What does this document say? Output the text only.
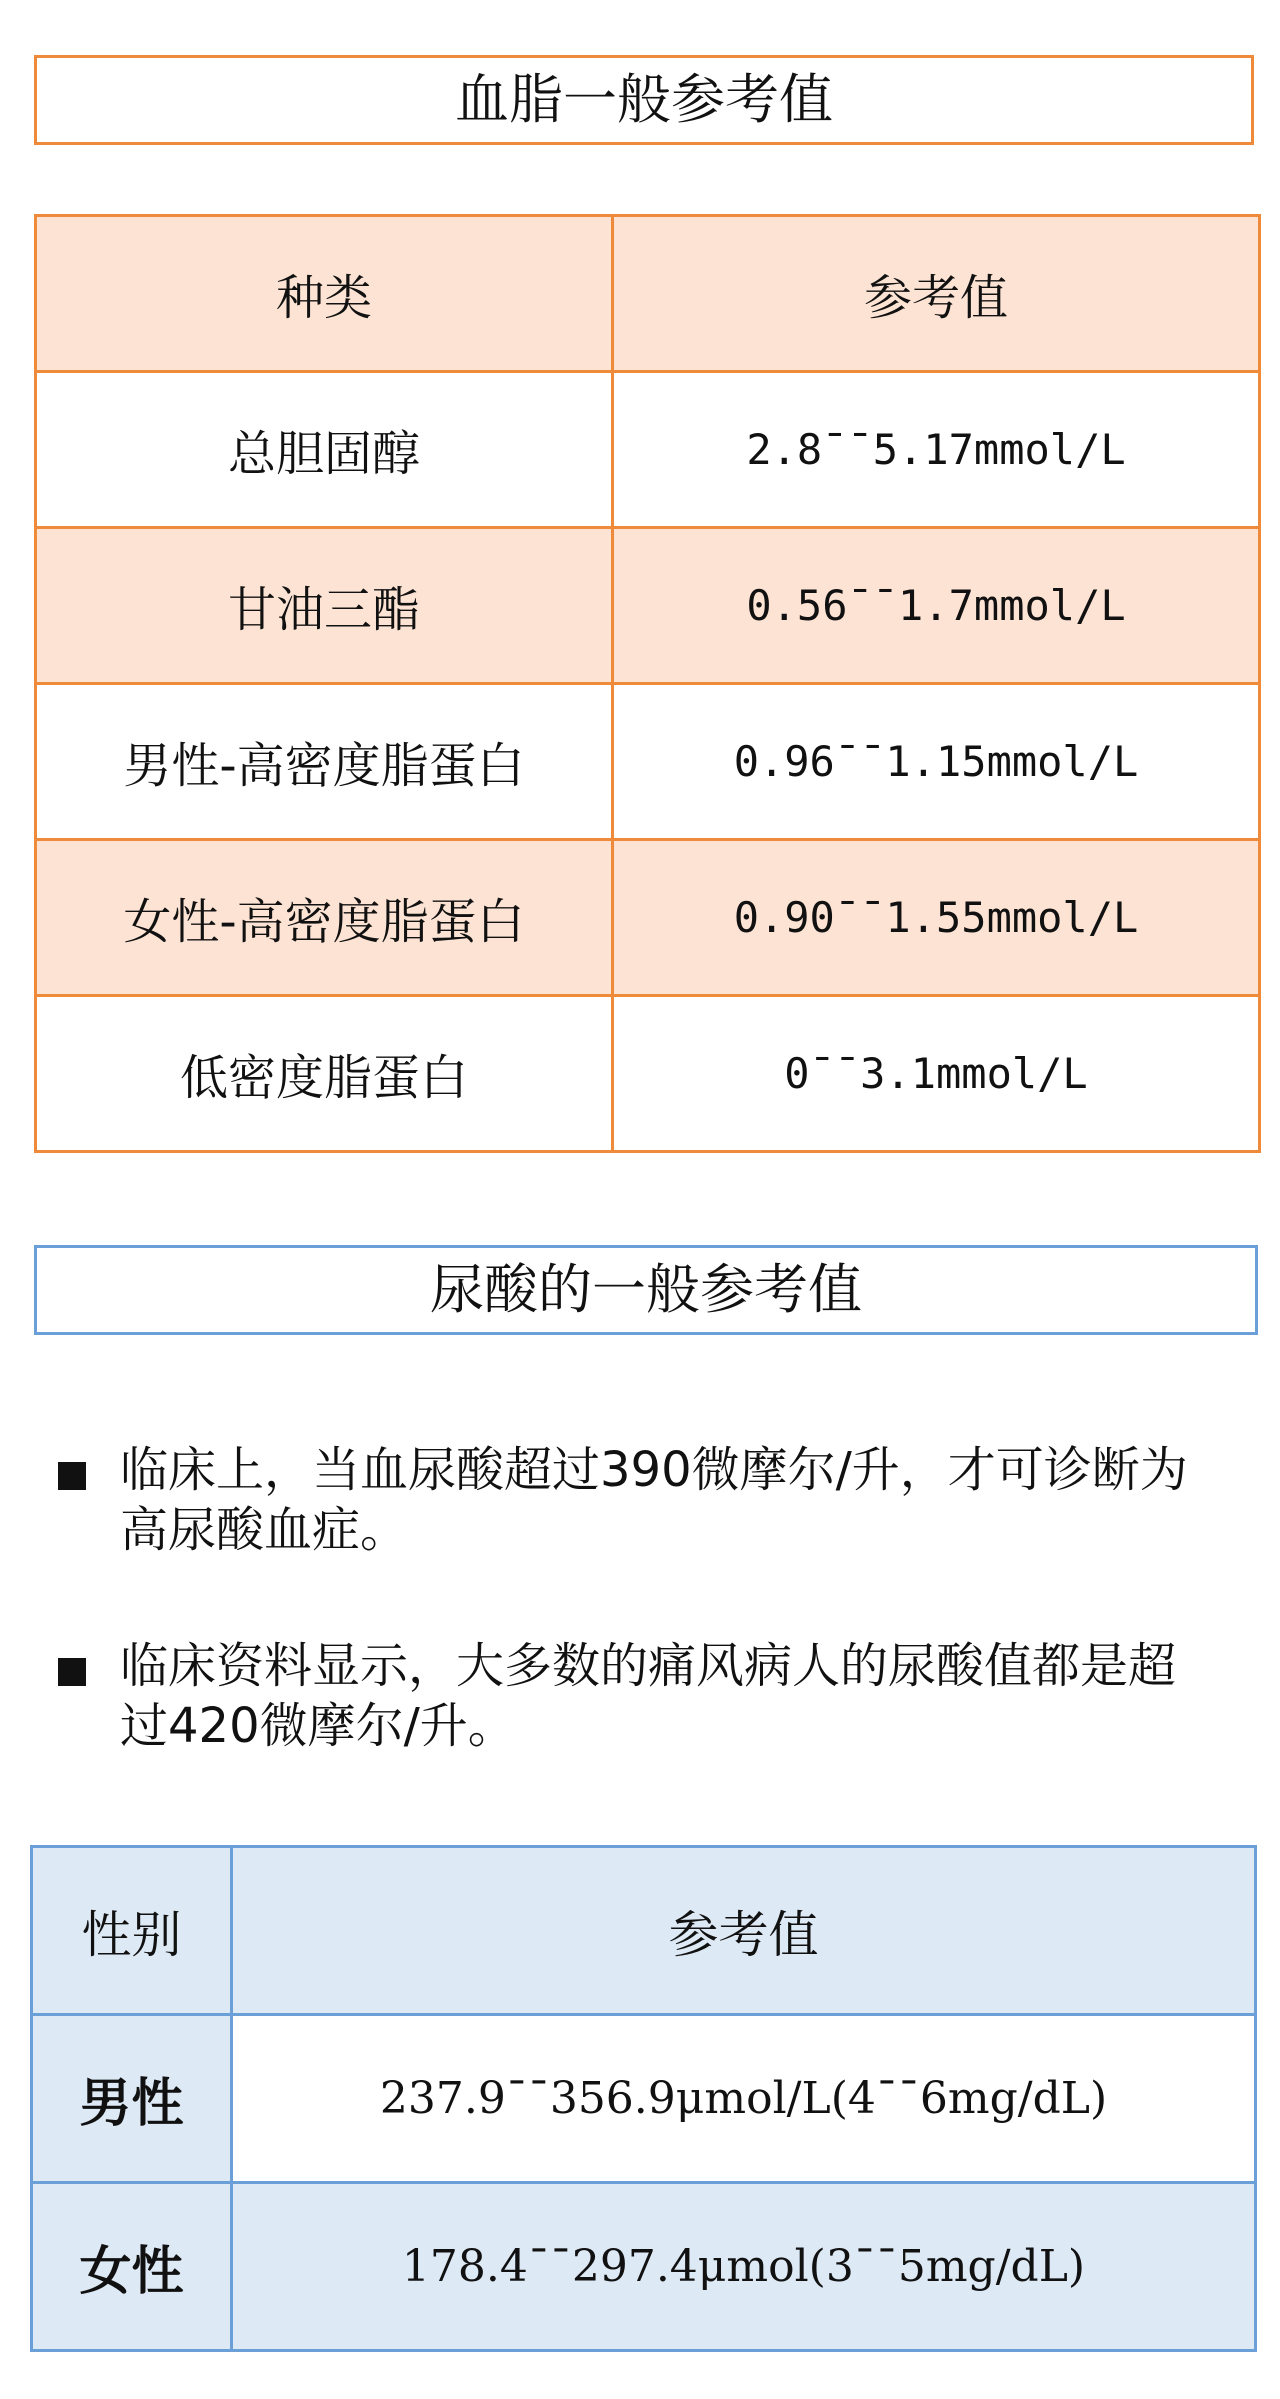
血脂一般参考值
种类	参考值
总胆固醇	2.8¯¯5.17mmol/L
甘油三酯	0.56¯¯1.7mmol/L
男性-高密度脂蛋白	0.96¯¯1.15mmol/L
女性-高密度脂蛋白	0.90¯¯1.55mmol/L
低密度脂蛋白	0¯¯3.1mmol/L
尿酸的一般参考值
临床上，当血尿酸超过390微摩尔/升，才可诊断为高尿酸血症。
临床资料显示，大多数的痛风病人的尿酸值都是超过420微摩尔/升。
性别	参考值
男性	237.9¯¯356.9μmol/L(4¯¯6mg/dL)
女性	178.4¯¯297.4μmol(3¯¯5mg/dL)
